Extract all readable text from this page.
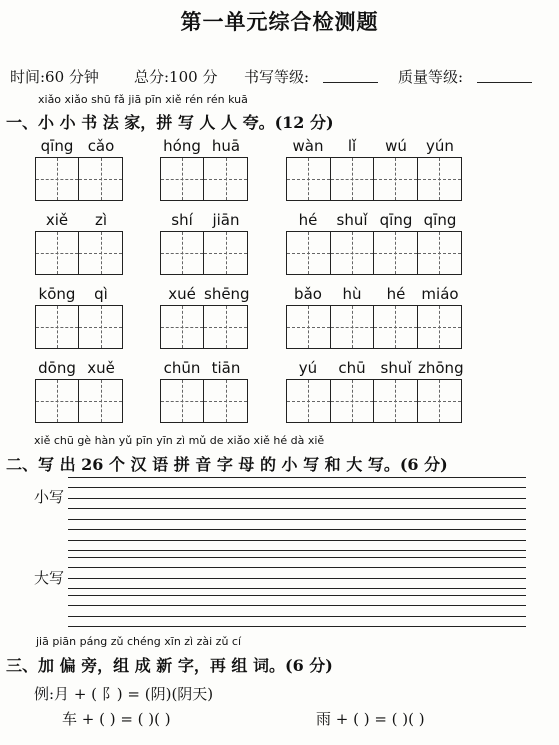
第一单元综合检测题
时间:60 分钟 总分:100 分 书写等级:	质量等级:
xiǎo xiǎo shū fǎ jiā pīn xiě rén rén kuā
一、小 小 书 法 家，拼 写 人 人 夸。(12 分)
qīng cǎo	hóng huā	wàn	lǐ	wú	yún
xiě	zì	shí	jiān	hé	shuǐ qīng qīng
kōng	qì	xué shēng	bǎo	hù	hé	miáo
dōng xuě	chūn tiān	yú	chū shuǐ zhōng
xiě chū gè hàn yǔ pīn yīn zì mǔ de xiǎo xiě hé dà xiě
二、写 出 26 个 汉 语 拼 音 字 母 的 小 写 和 大 写。(6 分)
小写
大写
jiā piān páng zǔ chéng xīn zì zài zǔ cí
三、加 偏 旁，组 成 新 字，再 组 词。(6 分)
例:月 + ( 阝) = (阴)(阴天)
车 + ( ) = ( )( )	雨 + ( ) = ( )( )
